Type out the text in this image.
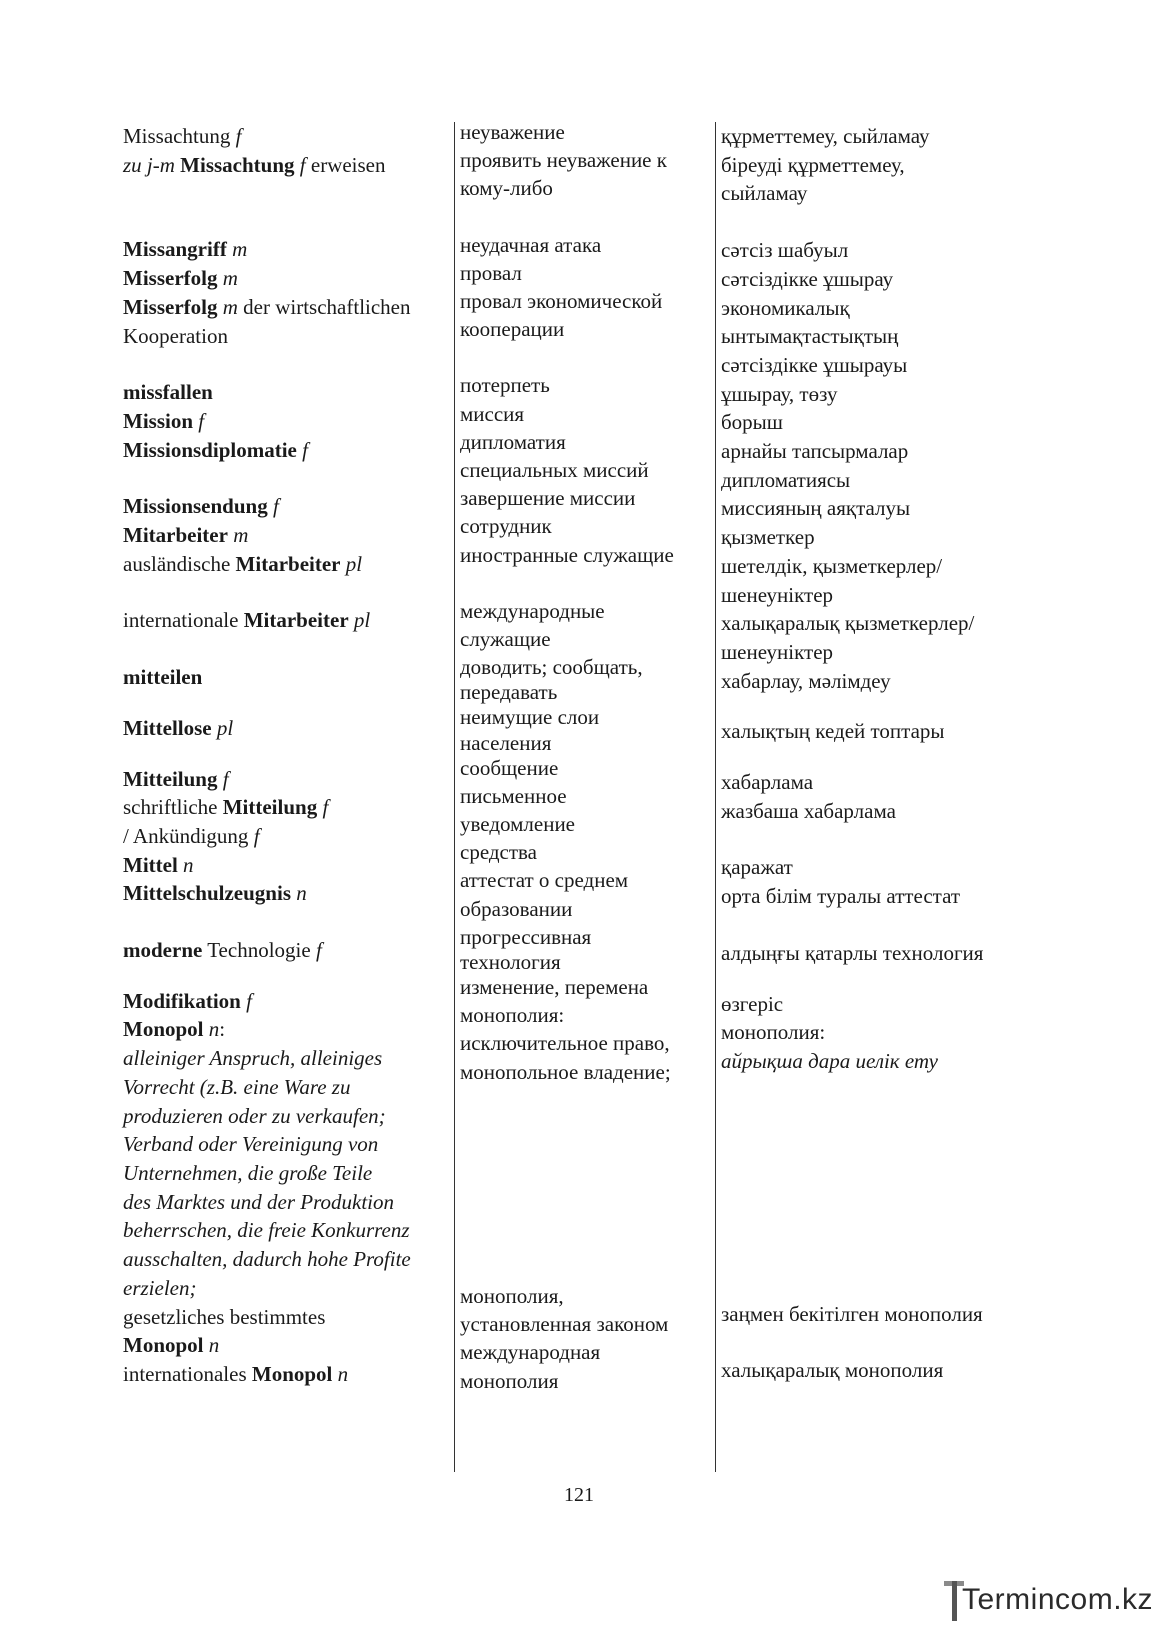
Missachtung f
zu j-m Missachtung f erweisen
Missangriff m
Misserfolg m
Misserfolg m der wirtschaftlichen
Kooperation
missfallen
Mission f
Missionsdiplomatie f
Missionsendung f
Mitarbeiter m
ausländische Mitarbeiter pl
internationale Mitarbeiter pl
mitteilen
Mittellose pl
Mitteilung f
schriftliche Mitteilung f
/ Ankündigung f
Mittel n
Mittelschulzeugnis n
moderne Technologie f
Modifikation f
Monopol n:
alleiniger Anspruch, alleiniges
Vorrecht (z.B. eine Ware zu
produzieren oder zu verkaufen;
Verband oder Vereinigung von
Unternehmen, die große Teile
des Marktes und der Produktion
beherrschen, die freie Konkurrenz
ausschalten, dadurch hohe Profite
erzielen;
gesetzliches bestimmtes
Monopol n
internationales Monopol n
неуважение
проявить неуважение к
кому-либо
неудачная атака
провал
провал экономической
кооперации
потерпеть
миссия
дипломатия
специальных миссий
завершение миссии
сотрудник
иностранные служащие
международные
служащие
доводить; сообщать,
передавать
неимущие слои
населения
сообщение
письменное
уведомление
средства
аттестат о среднем
образовании
прогрессивная
технология
изменение, перемена
монополия:
исключительное право,
монопольное владение;
монополия,
установленная законом
международная
монополия
құрметтемеу, сыйламау
біреуді құрметтемеу,
сыйламау
сәтсіз шабуыл
сәтсіздікке ұшырау
экономикалық
ынтымақтастықтың
сәтсіздікке ұшырауы
ұшырау, төзу
борыш
арнайы тапсырмалар
дипломатиясы
миссияның аяқталуы
қызметкер
шетелдік, қызметкерлер/
шенеуніктер
халықаралық қызметкерлер/
шенеуніктер
хабарлау, мәлімдеу
халықтың кедей топтары
хабарлама
жазбаша хабарлама
қаражат
орта білім туралы аттестат
алдыңғы қатарлы технология
өзгеріс
монополия:
айрықша дара иелік ету
заңмен бекітілген монополия
халықаралық монополия
121
Termincom.kz
